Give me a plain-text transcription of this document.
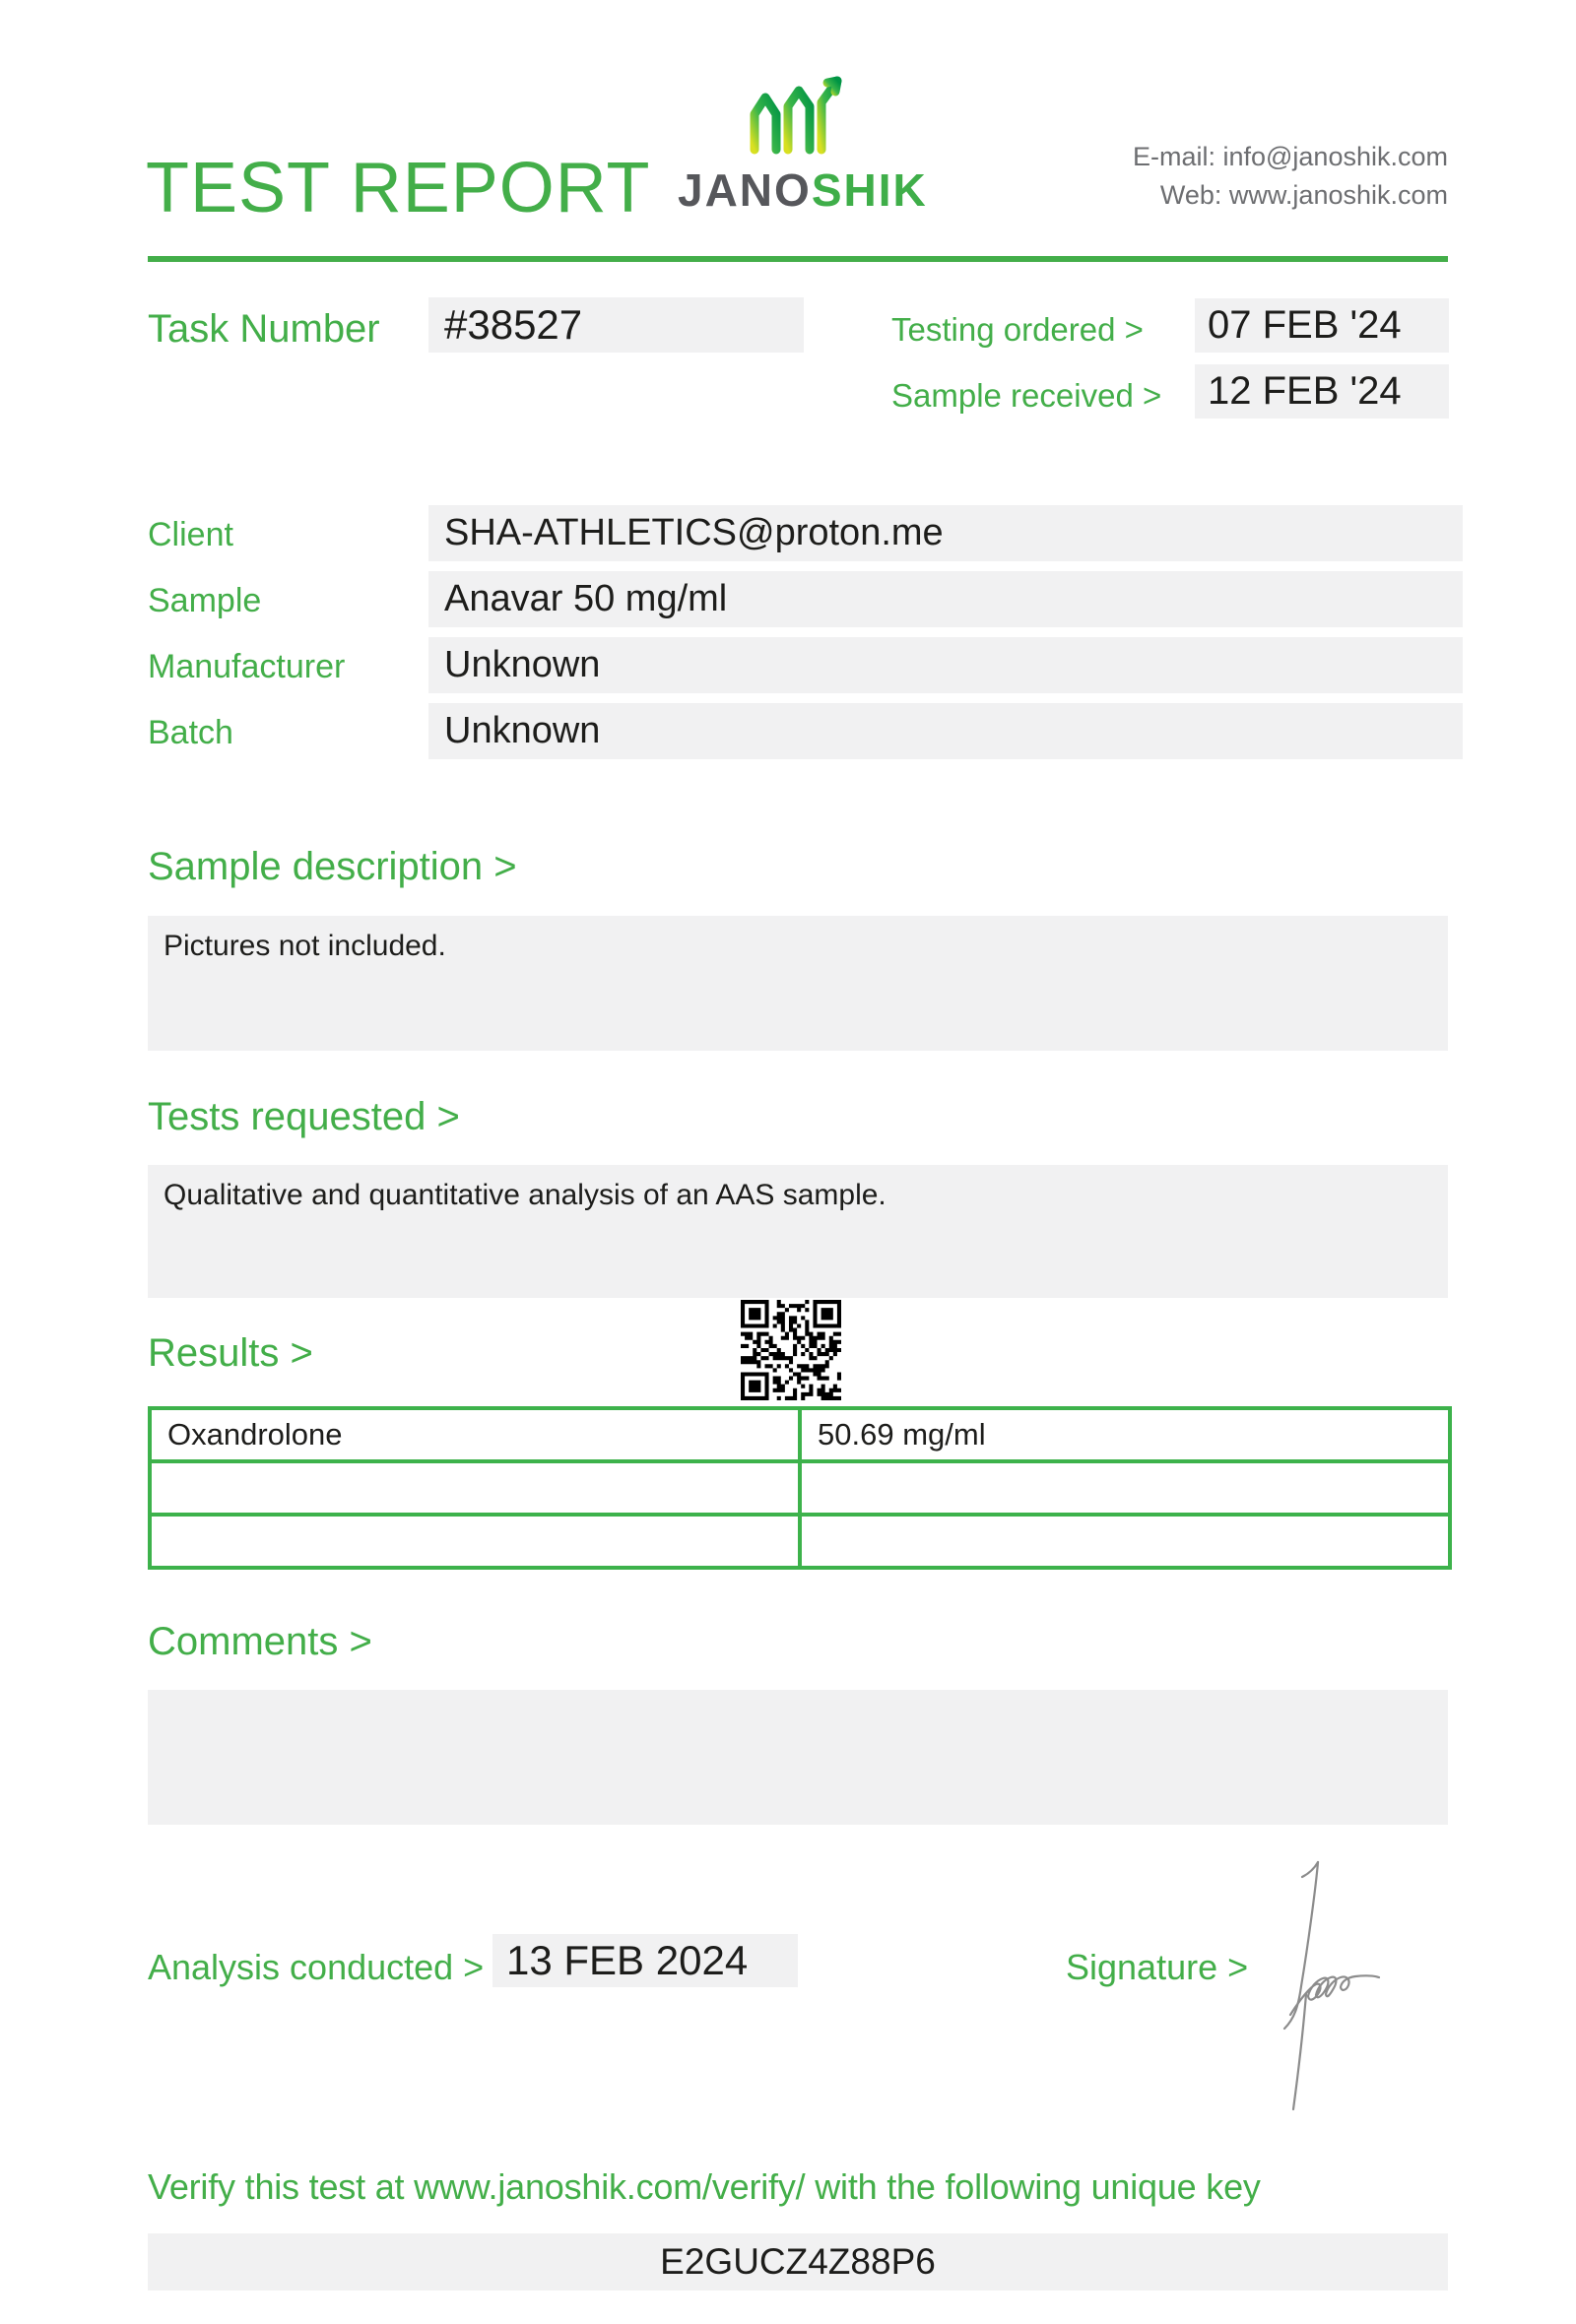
TEST REPORT JANOSHIK
E-mail: info@janoshik.com
Web: www.janoshik.com
Task Number	#38527	Testing ordered >	07 FEB '24
Sample received >	12 FEB '24
Client	SHA-ATHLETICS@proton.me
Sample	Anavar 50 mg/ml
Manufacturer	Unknown
Batch	Unknown
Sample description >
Pictures not included.
Tests requested >
Qualitative and quantitative analysis of an AAS sample.
Results >
Oxandrolone	50.69 mg/ml

Comments >
Analysis conducted > 13 FEB 2024	Signature >
Verify this test at www.janoshik.com/verify/ with the following unique key
E2GUCZ4Z88P6
